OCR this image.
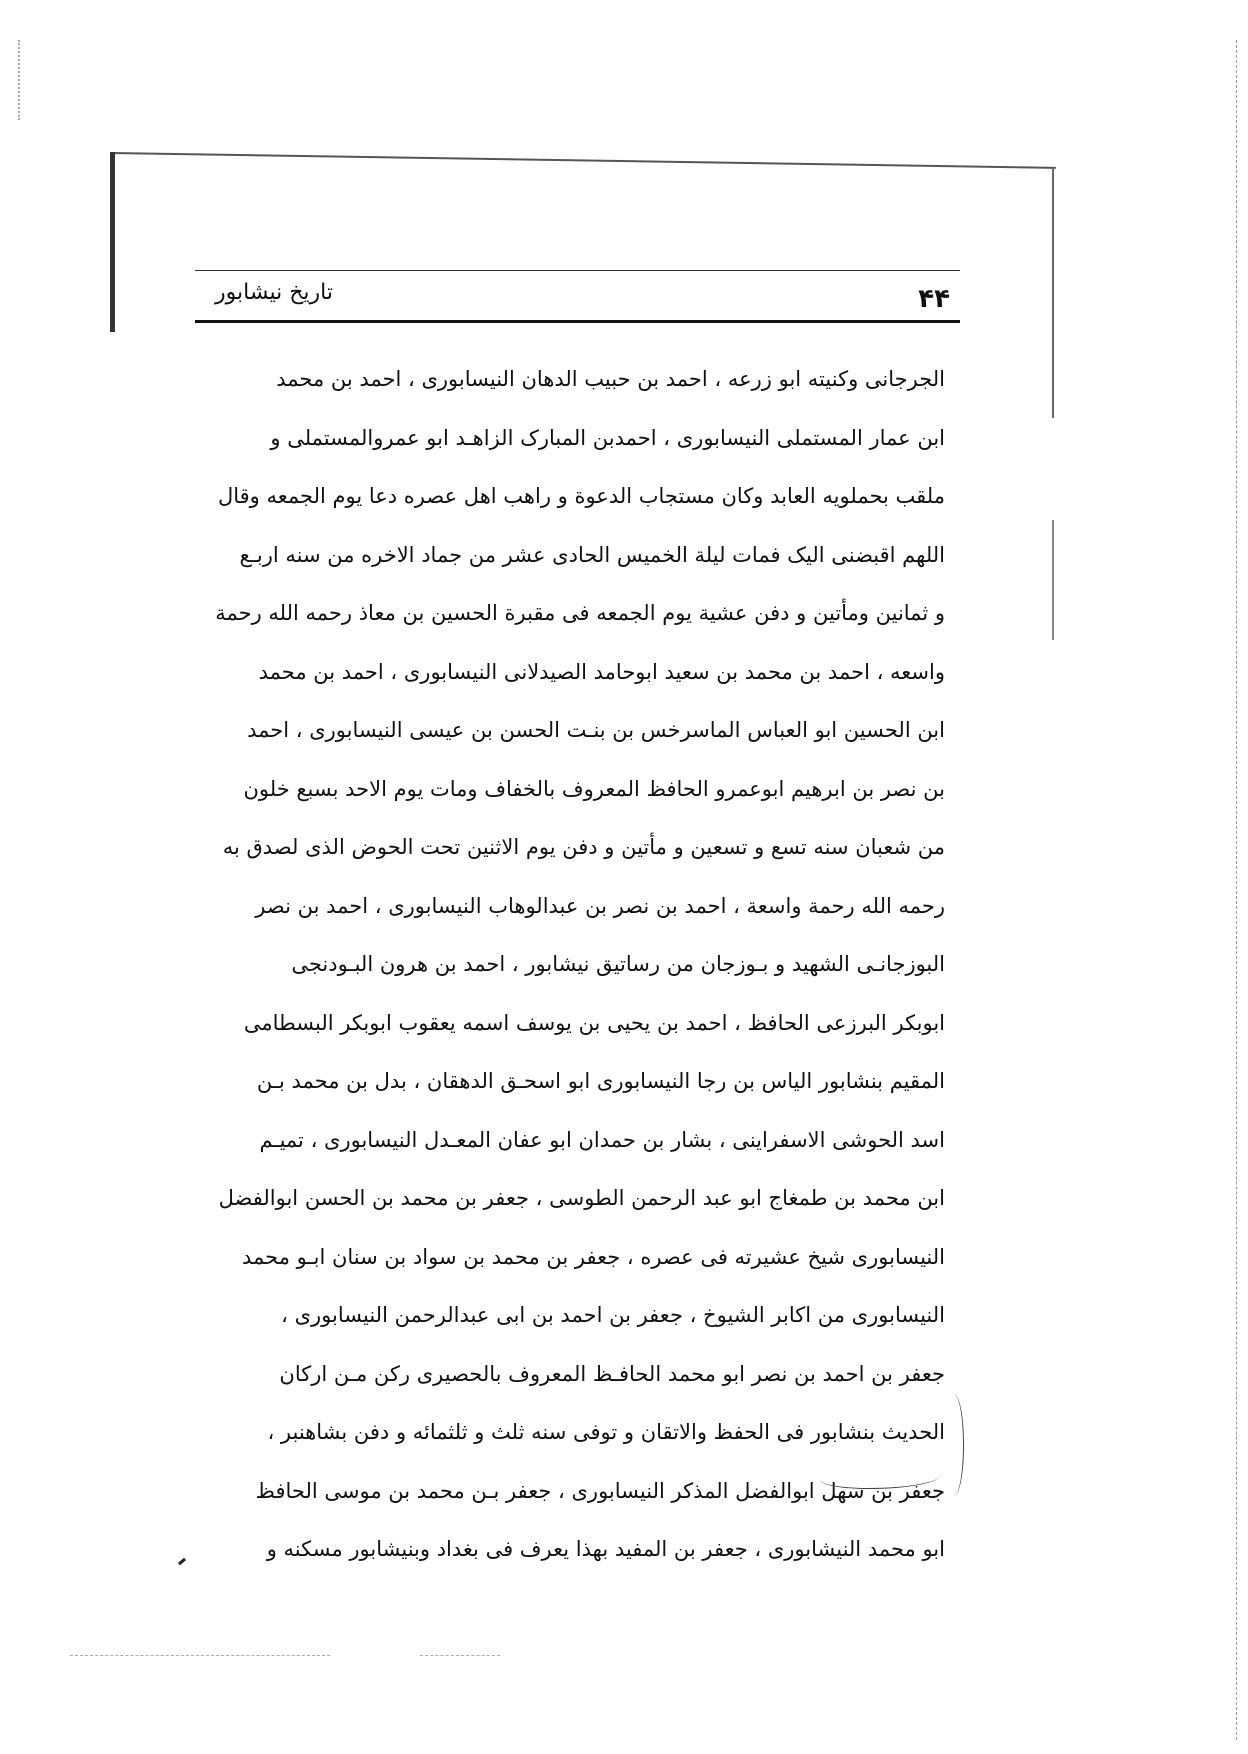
تاریخ نیشابور	۴۴
الجرجانی وکنیته ابو زرعه ، احمد بن حبیب الدهان النیسابوری ، احمد بن محمد
ابن عمار المستملی النیسابوری ، احمدبن المبارک الزاهـد ابو عمروالمستملی و
ملقب بحملویه العابد وکان مستجاب الدعوة و راهب اهل عصره دعا یوم الجمعه وقال
اللهم اقبضنی الیک فمات لیلة الخمیس الحادی عشر من جماد الاخره من سنه اربـع
و ثمانین ومأتین و دفن عشیة یوم الجمعه فی مقبرة الحسین بن معاذ رحمه الله رحمة
واسعه ، احمد بن محمد بن سعید ابوحامد الصیدلانی النیسابوری ، احمد بن محمد
ابن الحسین ابو العباس الماسرخس بن بنـت الحسن بن عیسی النیسابوری ، احمد
بن نصر بن ابرهیم ابوعمرو الحافظ المعروف بالخفاف ومات یوم الاحد بسبع خلون
من شعبان سنه تسع و تسعین و مأتین و دفن یوم الاثنین تحت الحوض الذی لصدق به
رحمه الله رحمة واسعة ، احمد بن نصر بن عبدالوهاب النیسابوری ، احمد بن نصر
البوزجانـی الشهید و بـوزجان من رساتیق نیشابور ، احمد بن هرون البـودنجی
ابوبکر البرزعی الحافظ ، احمد بن یحیی بن یوسف اسمه یعقوب ابوبکر البسطامی
المقیم بنشابور الیاس بن رجا النیسابوری ابو اسحـق الدهقان ، بدل بن محمد بـن
اسد الحوشی الاسفراینی ، بشار بن حمدان ابو عفان المعـدل النیسابوری ، تمیـم
ابن محمد بن طمغاج ابو عبد الرحمن الطوسی ، جعفر بن محمد بن الحسن ابوالفضل
النیسابوری شیخ عشیرته فی عصره ، جعفر بن محمد بن سواد بن سنان ابـو محمد
النیسابوری من اکابر الشیوخ ، جعفر بن احمد بن ابی عبدالرحمن النیسابوری ،
جعفر بن احمد بن نصر ابو محمد الحافـظ المعروف بالحصیری رکن مـن ارکان
الحدیث بنشابور فی الحفظ والاتقان و توفی سنه ثلث و ثلثمائه و دفن بشاهنبر ،
جعفر بن سهل ابوالفضل المذکر النیسابوری ، جعفر بـن محمد بن موسی الحافظ
ابو محمد النیشابوری ، جعفر بن المفید بهذا یعرف فی بغداد وبنیشابور مسکنه و
